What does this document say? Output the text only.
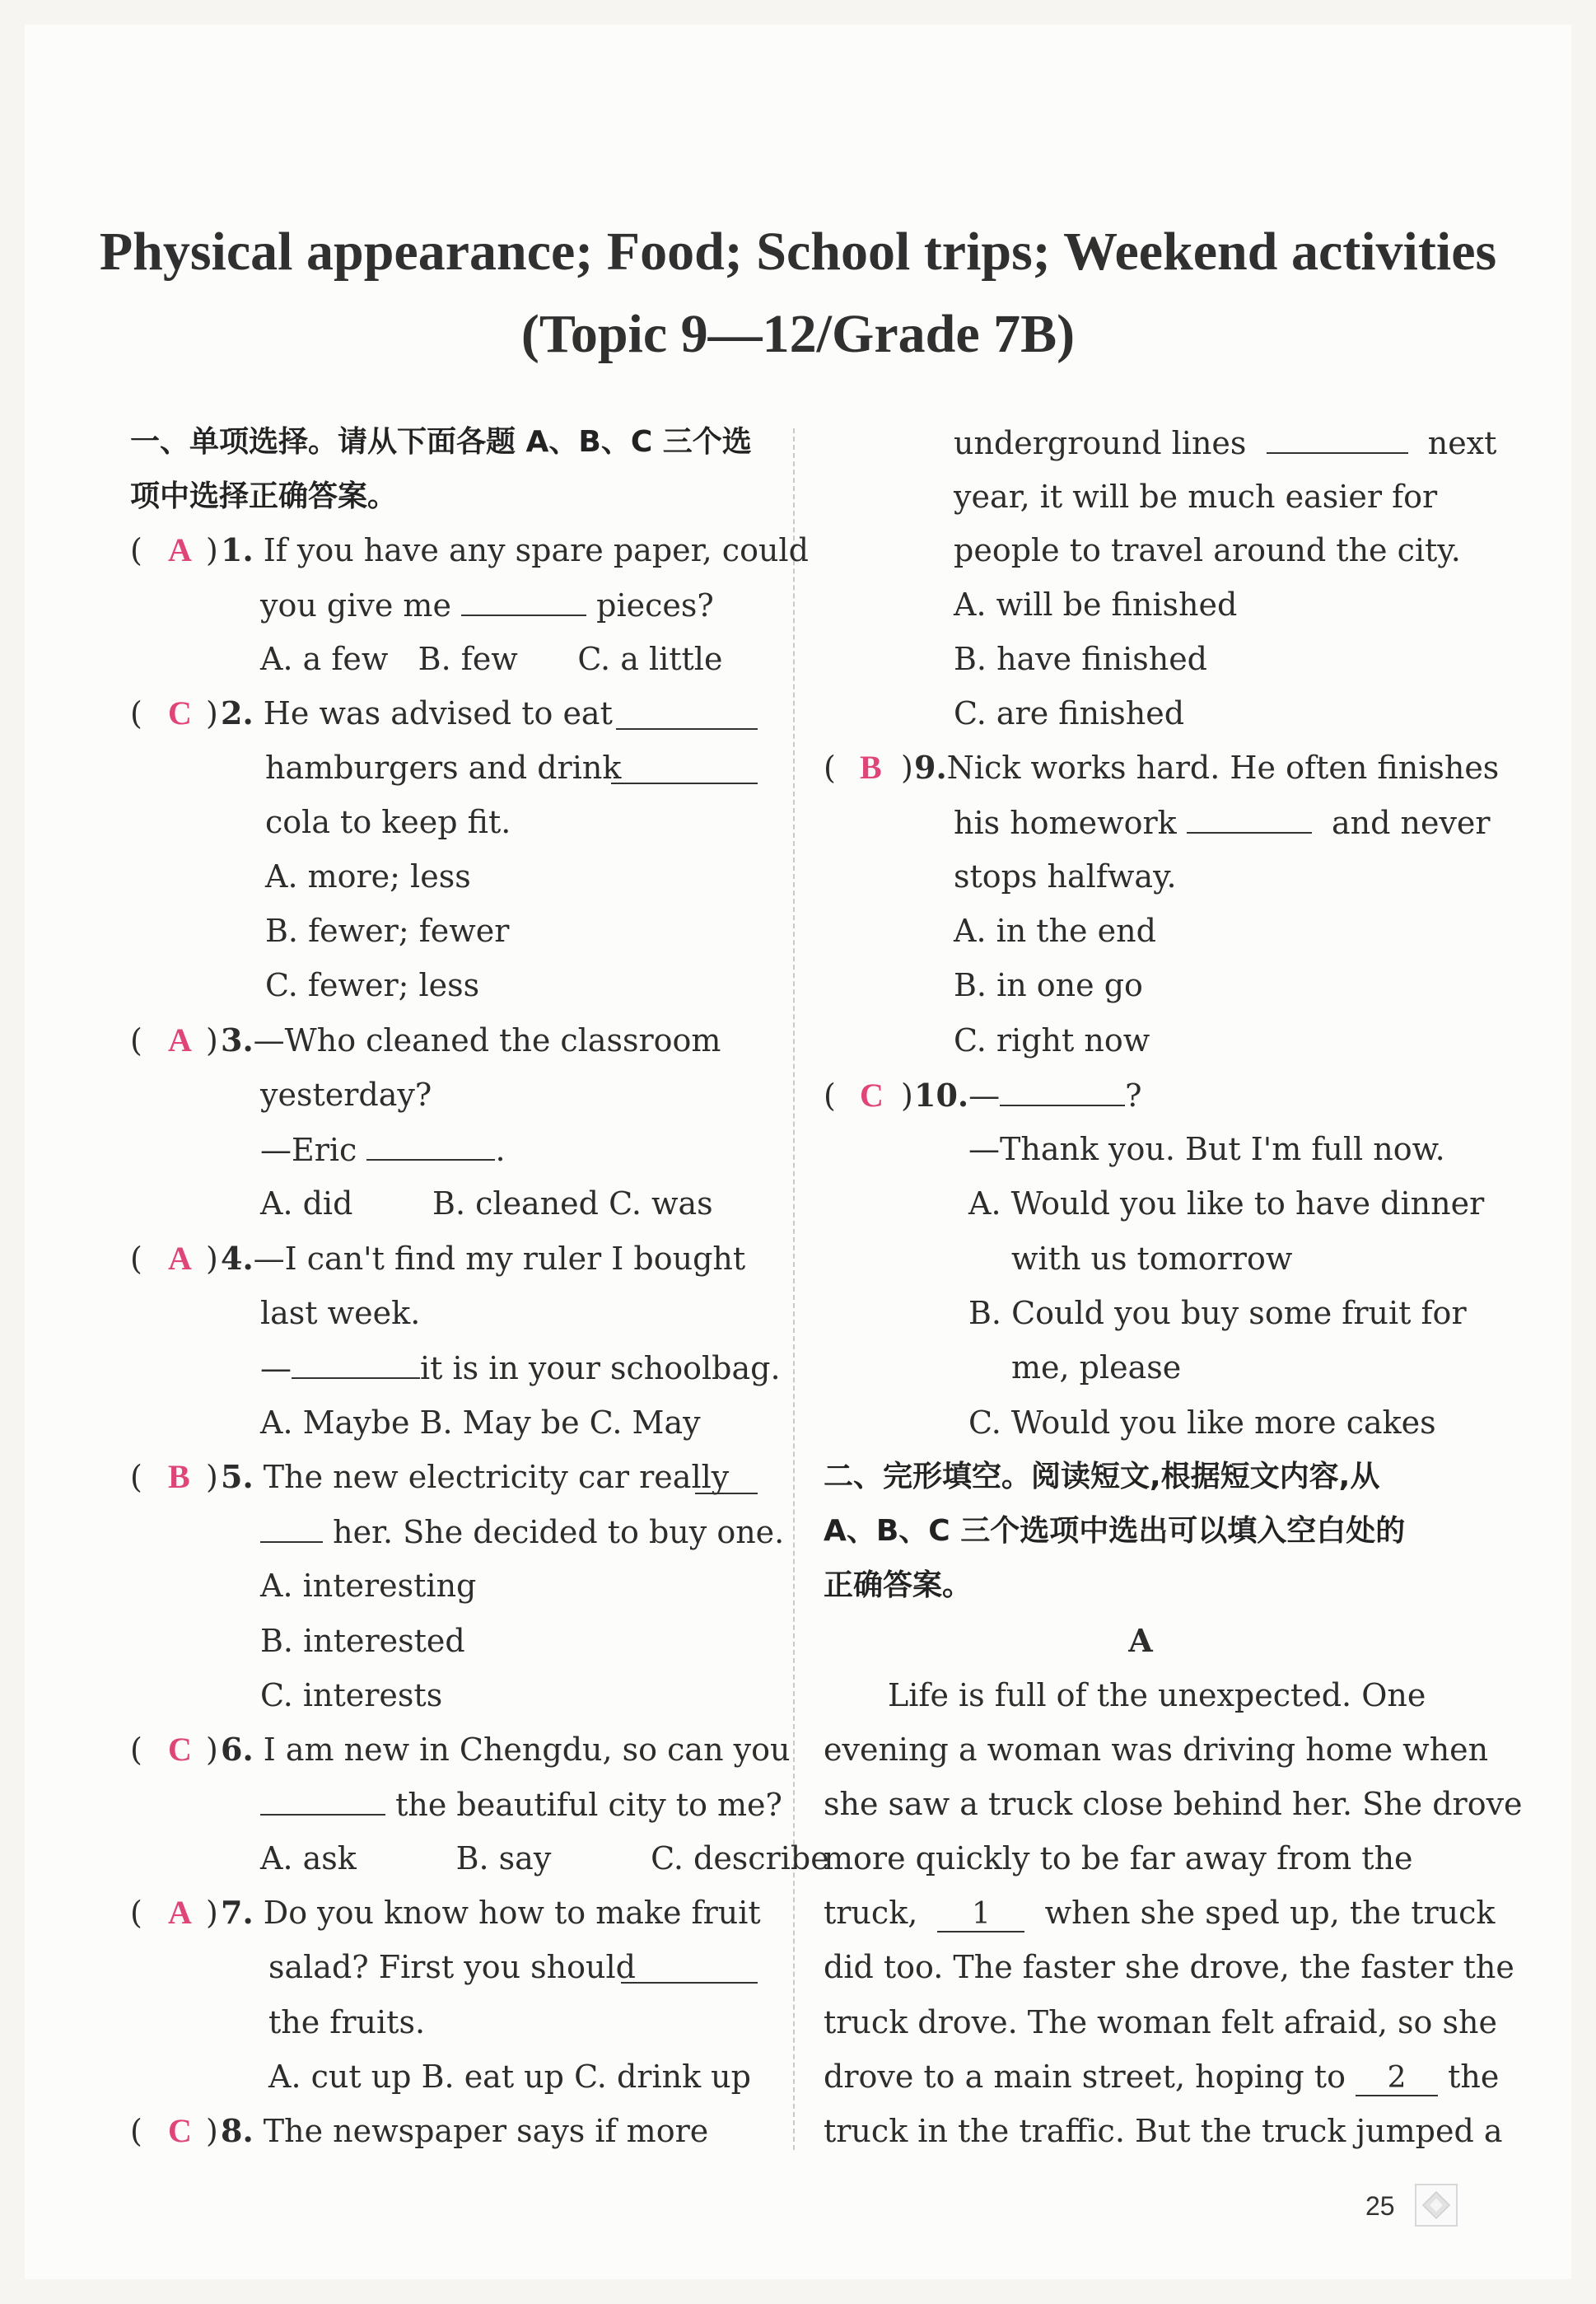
Physical appearance; Food; School trips; Weekend activities
(Topic 9—12/Grade 7B)
一、单项选择。请从下面各题 A、B、C 三个选
项中选择正确答案。
( A ) 1. If you have any spare paper, could
you give me	pieces?
A. a few B. few C. a little
( C ) 2. He was advised to eat
hamburgers and drink
cola to keep fit.
A. more; less
B. fewer; fewer
C. fewer; less
( A ) 3.—Who cleaned the classroom
yesterday?
—Eric	.
A. did	B. cleaned C. was
( A ) 4.—I can't find my ruler I bought
last week.
—	it is in your schoolbag.
A. Maybe B. May be C. May
( B ) 5. The new electricity car really
her. She decided to buy one.
A. interesting
B. interested
C. interests
( C ) 6. I am new in Chengdu, so can you
the beautiful city to me?
A. ask	B. say	C. describe
( A ) 7. Do you know how to make fruit
salad? First you should
the fruits.
A. cut up B. eat up C. drink up
( C ) 8. The newspaper says if more
underground lines	next
year, it will be much easier for
people to travel around the city.
A. will be finished
B. have finished
C. are finished
( B ) 9.Nick works hard. He often finishes
his homework	and never
stops halfway.
A. in the end
B. in one go
C. right now
( C ) 10.—	?
—Thank you. But I'm full now.
A. Would you like to have dinner
with us tomorrow
B. Could you buy some fruit for
me, please
C. Would you like more cakes
二、完形填空。阅读短文,根据短文内容,从
A、B、C 三个选项中选出可以填入空白处的
正确答案。
A
Life is full of the unexpected. One
evening a woman was driving home when
she saw a truck close behind her. She drove
more quickly to be far away from the
truck, 1 when she sped up, the truck
did too. The faster she drove, the faster the
truck drove. The woman felt afraid, so she
drove to a main street, hoping to 2 the
truck in the traffic. But the truck jumped a
25
